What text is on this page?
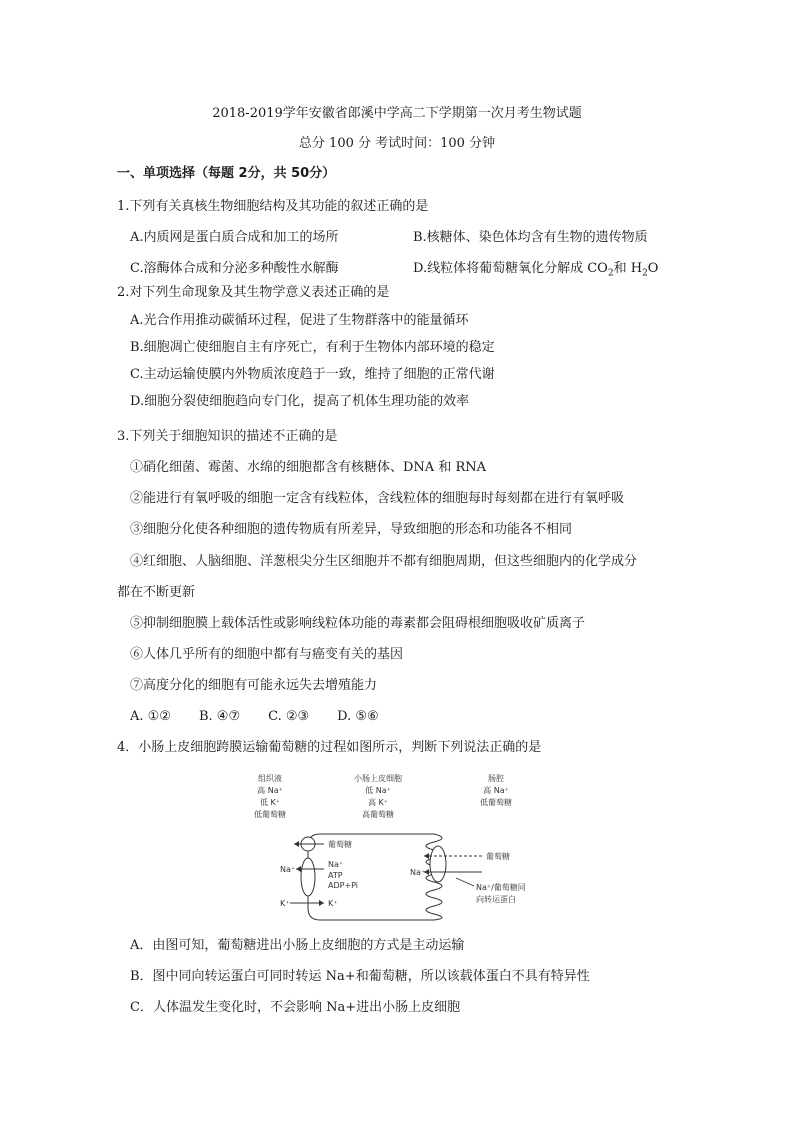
2018-2019学年安徽省郎溪中学高二下学期第一次月考生物试题
总分 100 分 考试时间：100 分钟
一、单项选择（每题 2分，共 50分）
1.下列有关真核生物细胞结构及其功能的叙述正确的是
A.内质网是蛋白质合成和加工的场所	B.核糖体、染色体均含有生物的遗传物质
C.溶酶体合成和分泌多种酸性水解酶	D.线粒体将葡萄糖氧化分解成 $CO_2$和 $H_2O$
2.对下列生命现象及其生物学意义表述正确的是
A.光合作用推动碳循环过程，促进了生物群落中的能量循环
B.细胞凋亡使细胞自主有序死亡，有利于生物体内部环境的稳定
C.主动运输使膜内外物质浓度趋于一致，维持了细胞的正常代谢
D.细胞分裂使细胞趋向专门化，提高了机体生理功能的效率
3.下列关于细胞知识的描述不正确的是
①硝化细菌、霉菌、水绵的细胞都含有核糖体、DNA 和 RNA
②能进行有氧呼吸的细胞一定含有线粒体，含线粒体的细胞每时每刻都在进行有氧呼吸
③细胞分化使各种细胞的遗传物质有所差异，导致细胞的形态和功能各不相同
④红细胞、人脑细胞、洋葱根尖分生区细胞并不都有细胞周期，但这些细胞内的化学成分
都在不断更新
⑤抑制细胞膜上载体活性或影响线粒体功能的毒素都会阻碍根细胞吸收矿质离子
⑥人体几乎所有的细胞中都有与癌变有关的基因
⑦高度分化的细胞有可能永远失去增殖能力
A. ①② B. ④⑦ C. ②③ D. ⑤⑥
4．小肠上皮细胞跨膜运输葡萄糖的过程如图所示，判断下列说法正确的是
组织液
高 Na⁺
低 K⁺
低葡萄糖
小肠上皮细胞
低 Na⁺
高 K⁺
高葡萄糖
肠腔
高 Na⁺
低葡萄糖
葡萄糖
Na⁺
Na⁺
ATP
ADP+Pi
K⁺	K⁺
葡萄糖
Na⁺
Na⁺/葡萄糖同
向转运蛋白
A．由图可知，葡萄糖进出小肠上皮细胞的方式是主动运输
B．图中同向转运蛋白可同时转运 Na+和葡萄糖，所以该载体蛋白不具有特异性
C．人体温发生变化时，不会影响 Na+进出小肠上皮细胞
